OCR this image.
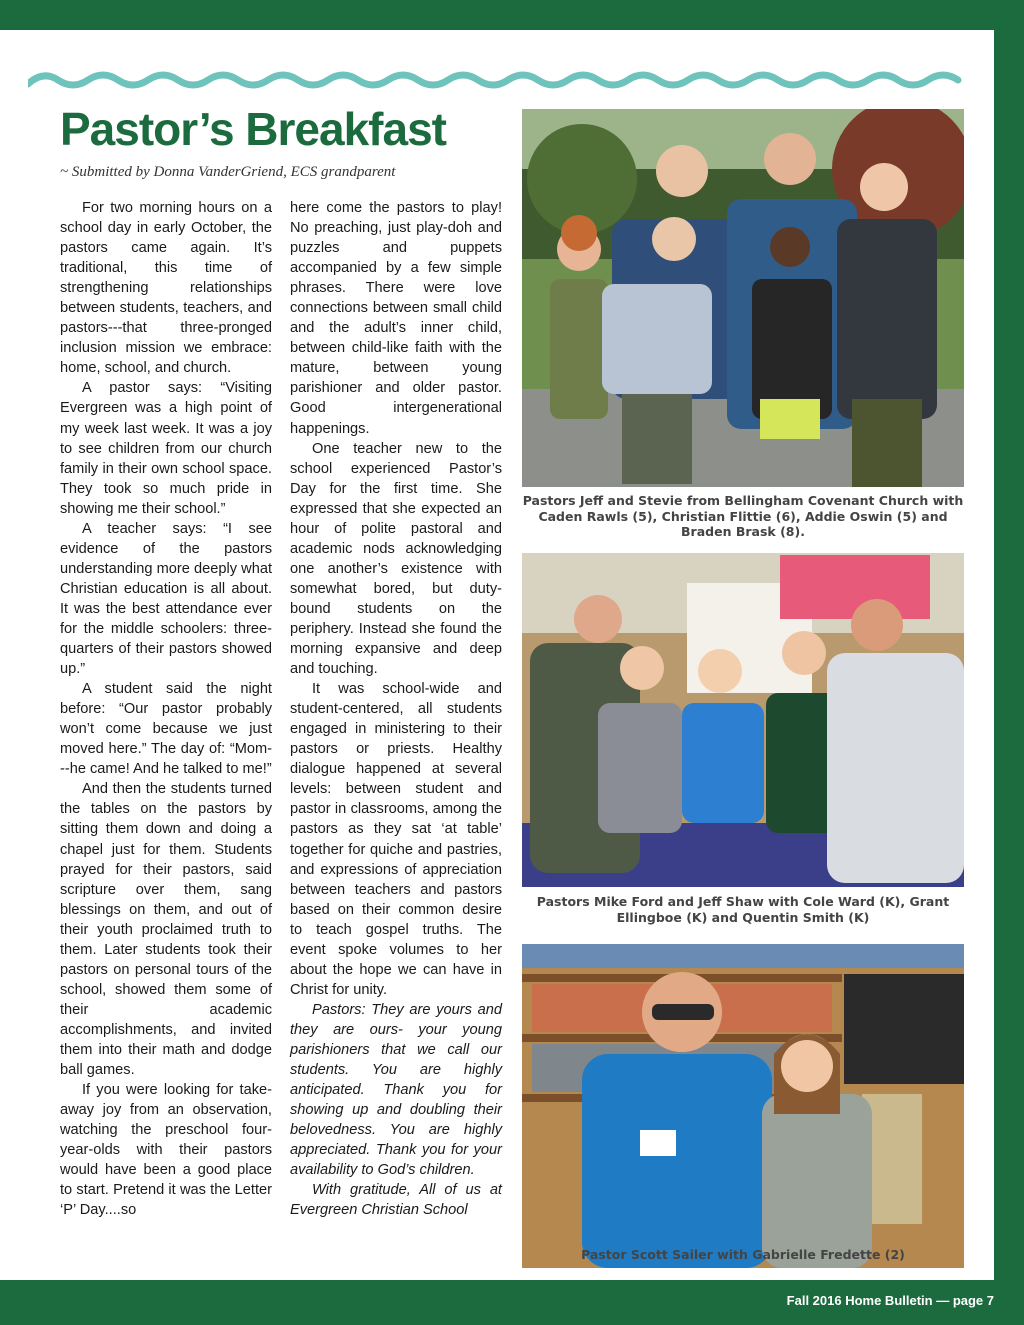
Pastor’s Breakfast
~ Submitted by Donna VanderGriend, ECS grandparent

For two morning hours on a school day in early October, the pastors came again. It’s traditional, this time of strengthening relationships between students, teachers, and pastors---that three-pronged inclusion mission we embrace: home, school, and church.

A pastor says: “Visiting Evergreen was a high point of my week last week. It was a joy to see children from our church family in their own school space. They took so much pride in showing me their school.”

A teacher says: “I see evidence of the pastors understanding more deeply what Christian education is all about. It was the best attendance ever for the middle schoolers: three-quarters of their pastors showed up.”

A student said the night before: “Our pastor probably won’t come because we just moved here.” The day of: “Mom---he came! And he talked to me!”

And then the students turned the tables on the pastors by sitting them down and doing a chapel just for them. Students prayed for their pastors, said scripture over them, sang blessings on them, and out of their youth proclaimed truth to them. Later students took their pastors on personal tours of the school, showed them some of their academic accomplishments, and invited them into their math and dodge ball games.

If you were looking for take-away joy from an observation, watching the preschool four-year-olds with their pastors would have been a good place to start. Pretend it was the Letter ‘P’ Day....so

here come the pastors to play! No preaching, just play-doh and puzzles and puppets accompanied by a few simple phrases. There were love connections between small child and the adult’s inner child, between child-like faith with the mature, between young parishioner and older pastor. Good intergenerational happenings.

One teacher new to the school experienced Pastor’s Day for the first time. She expressed that she expected an hour of polite pastoral and academic nods acknowledging one another’s existence with somewhat bored, but duty-bound students on the periphery. Instead she found the morning expansive and deep and touching.

It was school-wide and student-centered, all students engaged in ministering to their pastors or priests. Healthy dialogue happened at several levels: between student and pastor in classrooms, among the pastors as they sat ‘at table’ together for quiche and pastries, and expressions of appreciation between teachers and pastors based on their common desire to teach gospel truths. The event spoke volumes to her about the hope we can have in Christ for unity.

Pastors: They are yours and they are ours- your young parishioners that we call our students. You are highly anticipated. Thank you for showing up and doubling their belovedness. You are highly appreciated. Thank you for your availability to God’s children.

With gratitude, All of us at Evergreen Christian School

Pastors Jeff and Stevie from Bellingham Covenant Church with Caden Rawls (5), Christian Flittie (6), Addie Oswin (5) and Braden Brask (8).
Pastors Mike Ford and Jeff Shaw with Cole Ward (K), Grant Ellingboe (K) and Quentin Smith (K)
Pastor Scott Sailer with Gabrielle Fredette (2)
Fall 2016 Home Bulletin — page 7
